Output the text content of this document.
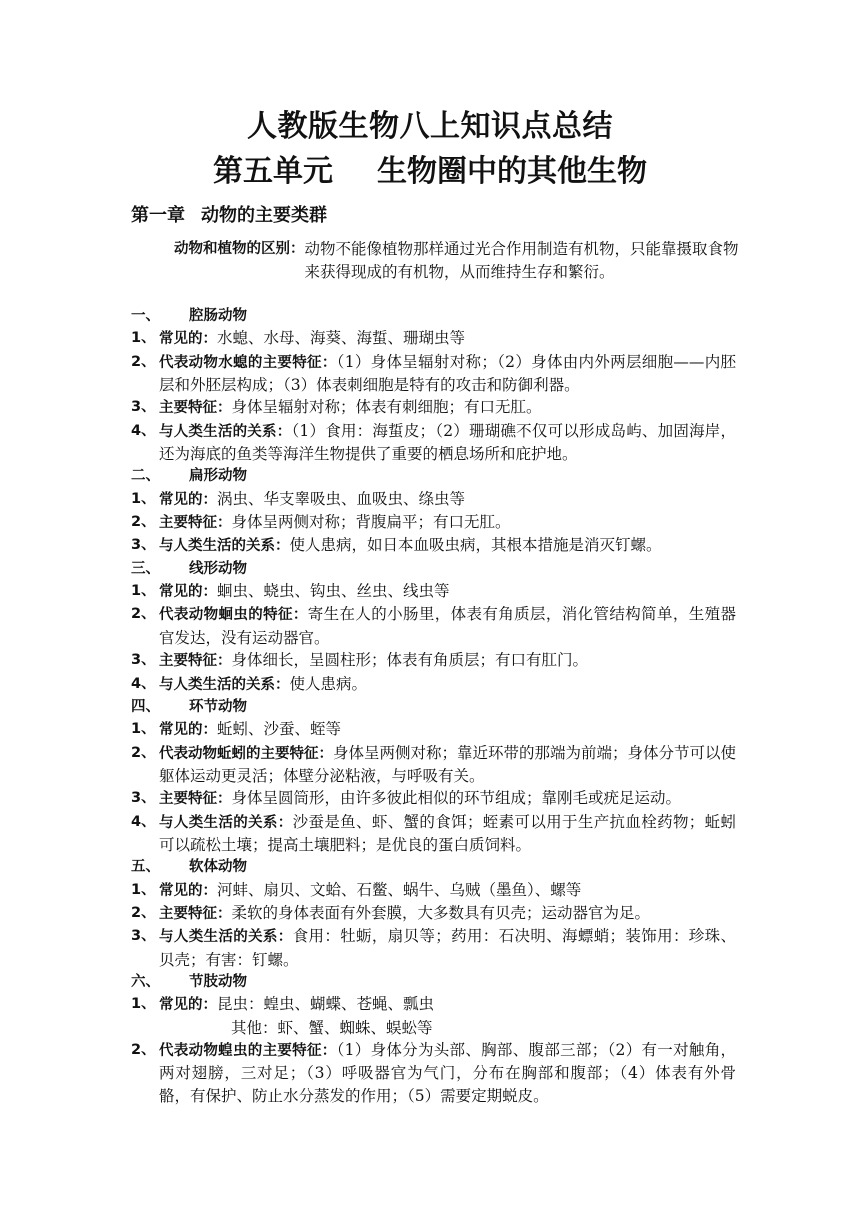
人教版生物八上知识点总结
第五单元 生物圈中的其他生物
第一章 动物的主要类群
动物和植物的区别： 动物不能像植物那样通过光合作用制造有机物，只能靠摄取食物来获得现成的有机物，从而维持生存和繁衍。
一、	腔肠动物
1、 常见的：水螅、水母、海葵、海蜇、珊瑚虫等
2、 代表动物水螅的主要特征：（1）身体呈辐射对称；（2）身体由内外两层细胞——内胚层和外胚层构成；（3）体表刺细胞是特有的攻击和防御利器。
3、 主要特征：身体呈辐射对称；体表有刺细胞；有口无肛。
4、 与人类生活的关系：（1）食用：海蜇皮；（2）珊瑚礁不仅可以形成岛屿、加固海岸，还为海底的鱼类等海洋生物提供了重要的栖息场所和庇护地。
二、	扁形动物
1、 常见的：涡虫、华支睾吸虫、血吸虫、绦虫等
2、 主要特征：身体呈两侧对称；背腹扁平；有口无肛。
3、 与人类生活的关系：使人患病，如日本血吸虫病，其根本措施是消灭钉螺。
三、	线形动物
1、 常见的：蛔虫、蛲虫、钩虫、丝虫、线虫等
2、 代表动物蛔虫的特征：寄生在人的小肠里，体表有角质层，消化管结构简单，生殖器官发达，没有运动器官。
3、 主要特征：身体细长，呈圆柱形；体表有角质层；有口有肛门。
4、 与人类生活的关系：使人患病。
四、	环节动物
1、 常见的：蚯蚓、沙蚕、蛭等
2、 代表动物蚯蚓的主要特征：身体呈两侧对称；靠近环带的那端为前端；身体分节可以使躯体运动更灵活；体壁分泌粘液，与呼吸有关。
3、 主要特征：身体呈圆筒形，由许多彼此相似的环节组成；靠刚毛或疣足运动。
4、 与人类生活的关系：沙蚕是鱼、虾、蟹的食饵；蛭素可以用于生产抗血栓药物；蚯蚓可以疏松土壤；提高土壤肥料；是优良的蛋白质饲料。
五、	软体动物
1、 常见的：河蚌、扇贝、文蛤、石鳖、蜗牛、乌贼（墨鱼）、螺等
2、 主要特征：柔软的身体表面有外套膜，大多数具有贝壳；运动器官为足。
3、 与人类生活的关系：食用：牡蛎，扇贝等；药用：石决明、海螵蛸；装饰用：珍珠、贝壳；有害：钉螺。
六、	节肢动物
1、 常见的：昆虫：蝗虫、蝴蝶、苍蝇、瓢虫
其他：虾、蟹、蜘蛛、蜈蚣等
2、 代表动物蝗虫的主要特征：（1）身体分为头部、胸部、腹部三部；（2）有一对触角，两对翅膀，三对足；（3）呼吸器官为气门，分布在胸部和腹部；（4）体表有外骨骼，有保护、防止水分蒸发的作用；（5）需要定期蜕皮。
